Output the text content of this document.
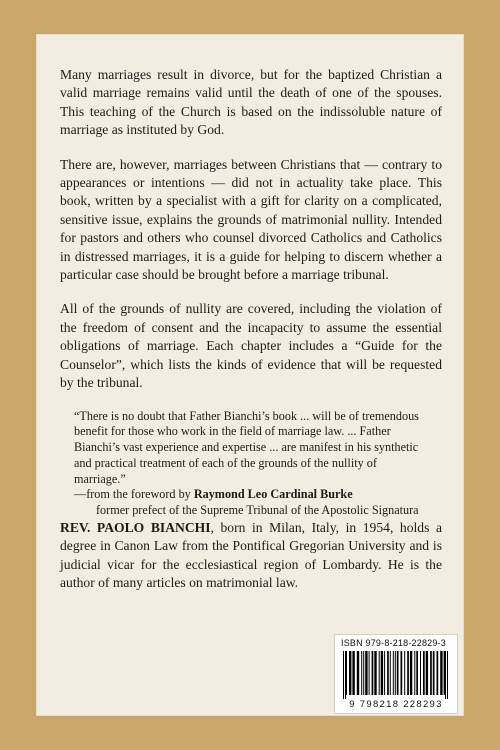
Many marriages result in divorce, but for the baptized Christian a valid marriage remains valid until the death of one of the spouses. This teaching of the Church is based on the indissoluble nature of marriage as instituted by God.

There are, however, marriages between Christians that — contrary to appearances or intentions — did not in actuality take place. This book, written by a specialist with a gift for clarity on a complicated, sensitive issue, explains the grounds of matrimonial nullity. Intended for pastors and others who counsel divorced Catholics and Catholics in distressed marriages, it is a guide for helping to discern whether a particular case should be brought before a marriage tribunal.

All of the grounds of nullity are covered, including the violation of the freedom of consent and the incapacity to assume the essential obligations of marriage. Each chapter includes a “Guide for the Counselor”, which lists the kinds of evidence that will be requested by the tribunal.

“There is no doubt that Father Bianchi’s book ... will be of tremendous benefit for those who work in the field of marriage law. ... Father Bianchi’s vast experience and expertise ... are manifest in his synthetic and practical treatment of each of the grounds of the nullity of marriage.”

—from the foreword by Raymond Leo Cardinal Burke

former prefect of the Supreme Tribunal of the Apostolic Signatura

REV. PAOLO BIANCHI, born in Milan, Italy, in 1954, holds a degree in Canon Law from the Pontifical Gregorian University and is judicial vicar for the ecclesiastical region of Lombardy. He is the author of many articles on matrimonial law.

ISBN 979-8-218-22829-3
9 798218 228293
